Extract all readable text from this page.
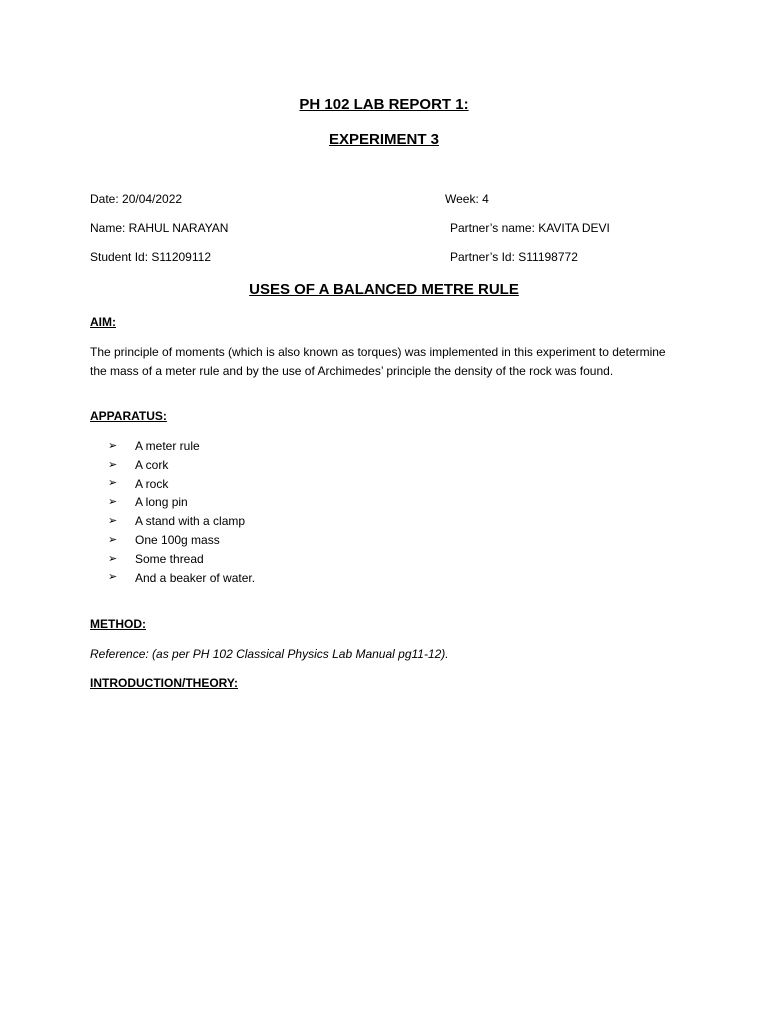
PH 102 LAB REPORT 1:
EXPERIMENT 3
Date: 20/04/2022	Week: 4
Name: RAHUL NARAYAN	Partner’s name: KAVITA DEVI
Student Id: S11209112	Partner’s Id: S11198772
USES OF A BALANCED METRE RULE
AIM:
The principle of moments (which is also known as torques) was implemented in this experiment to determine the mass of a meter rule and by the use of Archimedes’ principle the density of the rock was found.
APPARATUS:
➢	A meter rule
➢	A cork
➢	A rock
➢	A long pin
➢	A stand with a clamp
➢	One 100g mass
➢	Some thread
➢	And a beaker of water.
METHOD:
Reference: (as per PH 102 Classical Physics Lab Manual pg11-12).
INTRODUCTION/THEORY:
